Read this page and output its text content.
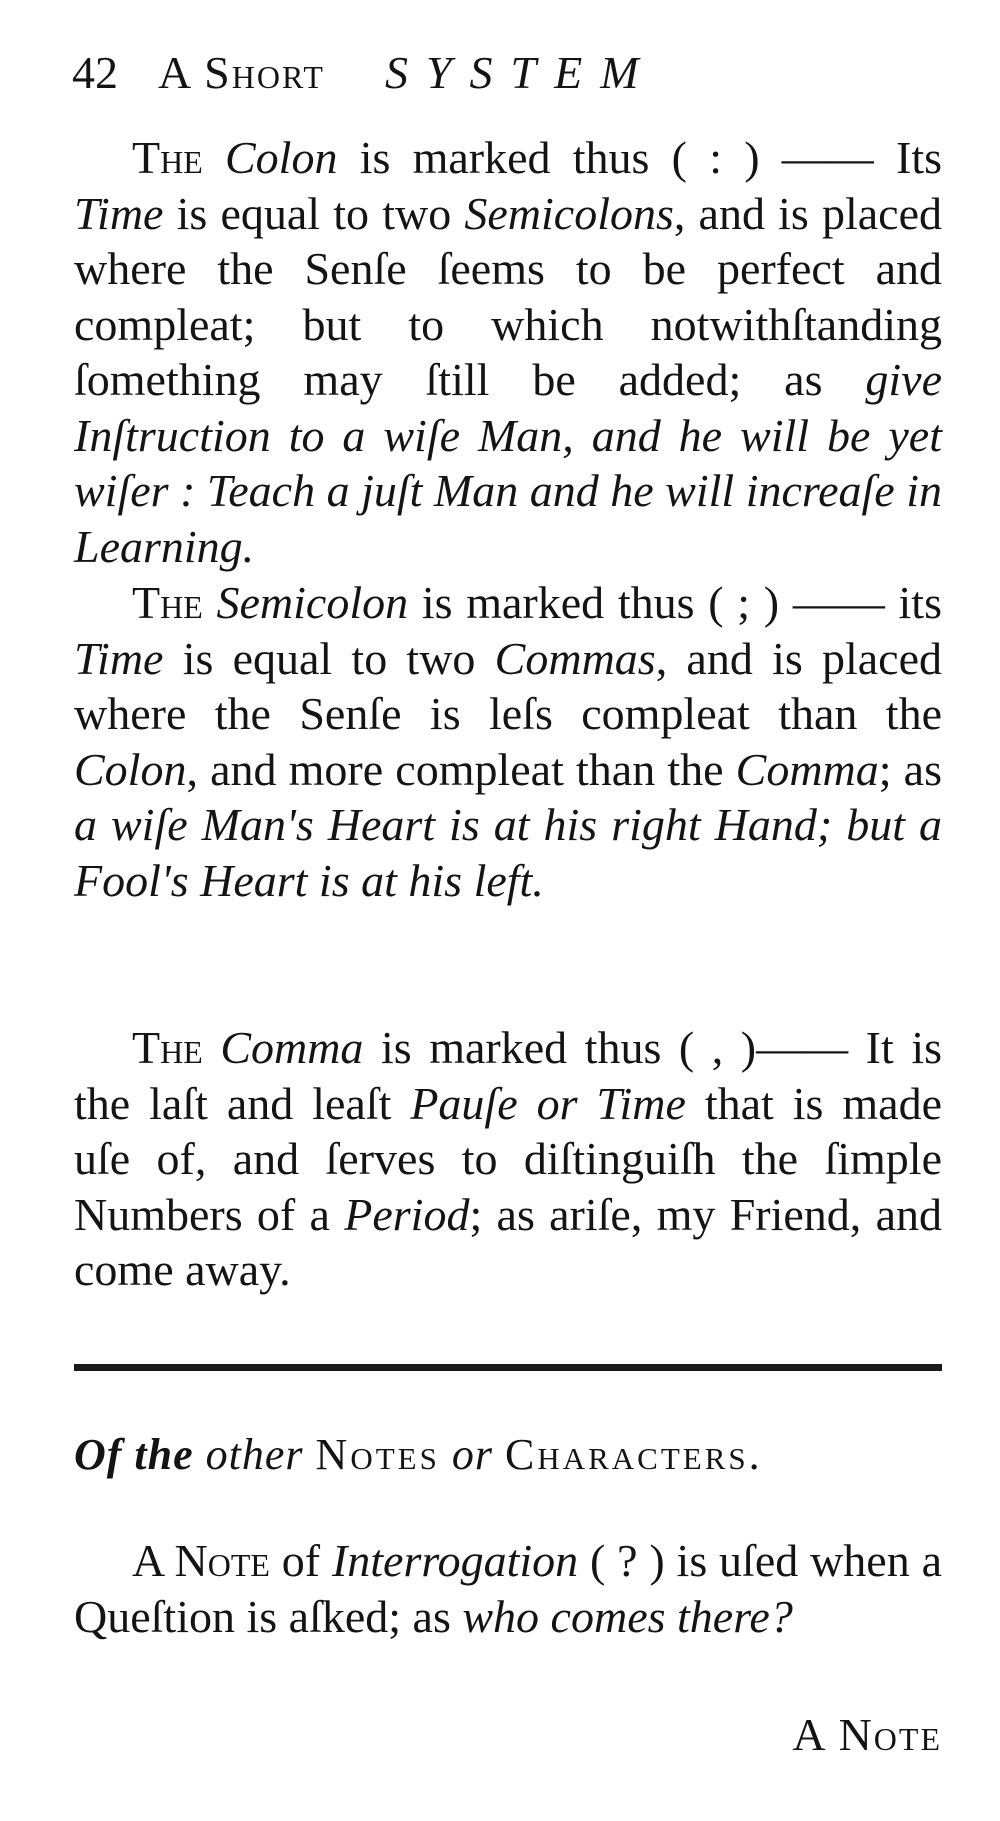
42 A Short SYSTEM

The Colon is marked thus ( : ) —— Its Time is equal to two Semicolons, and is placed where the Senſe ſeems to be perfect and compleat; but to which notwithſtanding ſomething may ſtill be added; as give Inſtruction to a wiſe Man, and he will be yet wiſer : Teach a juſt Man and he will increaſe in Learning.

The Semicolon is marked thus ( ; ) —— its Time is equal to two Commas, and is placed where the Senſe is leſs compleat than the Colon, and more compleat than the Comma; as a wiſe Man's Heart is at his right Hand; but a Fool's Heart is at his left.

The Comma is marked thus ( , )—— It is the laſt and leaſt Pauſe or Time that is made uſe of, and ſerves to diſtinguiſh the ſimple Numbers of a Period; as ariſe, my Friend, and come away.

Of the other Notes or Characters.

A Note of Interrogation ( ? ) is uſed when a Queſtion is aſked; as who comes there?

A Note
